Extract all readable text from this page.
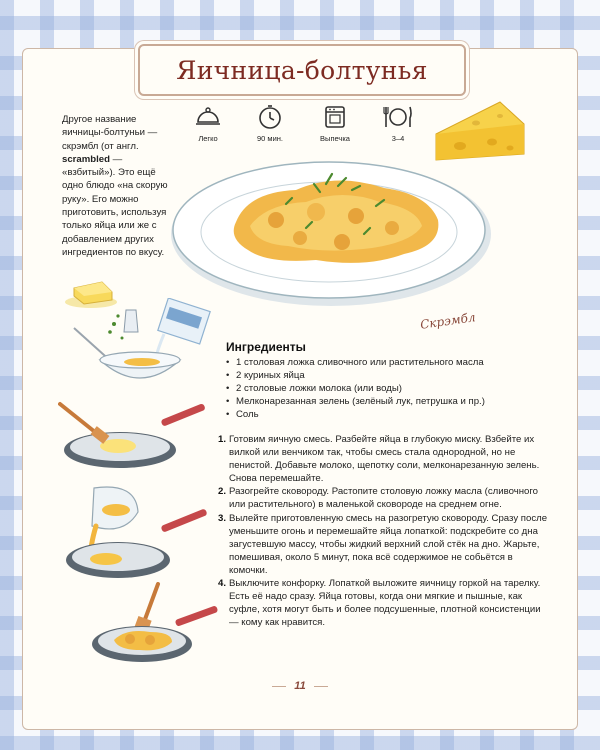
Яичница-болтунья
Другое название яичницы-болтуньи — скрэмбл (от англ. scrambled — «взбитый»). Это ещё одно блюдо «на скорую руку». Его можно приготовить, используя только яйца или же с добавлением других ингредиентов по вкусу.
Легко	90 мин.	Выпечка	3–4
Скрэмбл
Ингредиенты
• 1 столовая ложка сливочного или растительного масла
• 2 куриных яйца
• 2 столовые ложки молока (или воды)
• Мелконарезанная зелень (зелёный лук, петрушка и пр.)
• Соль
1. Готовим яичную смесь. Разбейте яйца в глубокую миску. Взбейте их вилкой или венчиком так, чтобы смесь стала однородной, но не пенистой. Добавьте молоко, щепотку соли, мелконарезанную зелень. Снова перемешайте.
2. Разогрейте сковороду. Растопите столовую ложку масла (сливочного или растительного) в маленькой сковороде на среднем огне.
3. Вылейте приготовленную смесь на разогретую сковороду. Сразу после уменьшите огонь и перемешайте яйца лопаткой: подскребите со дна загустевшую массу, чтобы жидкий верхний слой стёк на дно. Жарьте, помешивая, около 5 минут, пока всё содержимое не собьётся в комочки.
4. Выключите конфорку. Лопаткой выложите яичницу горкой на тарелку. Есть её надо сразу. Яйца готовы, когда они мягкие и пышные, как суфле, хотя могут быть и более подсушенные, плотной консистенции — кому как нравится.
11
